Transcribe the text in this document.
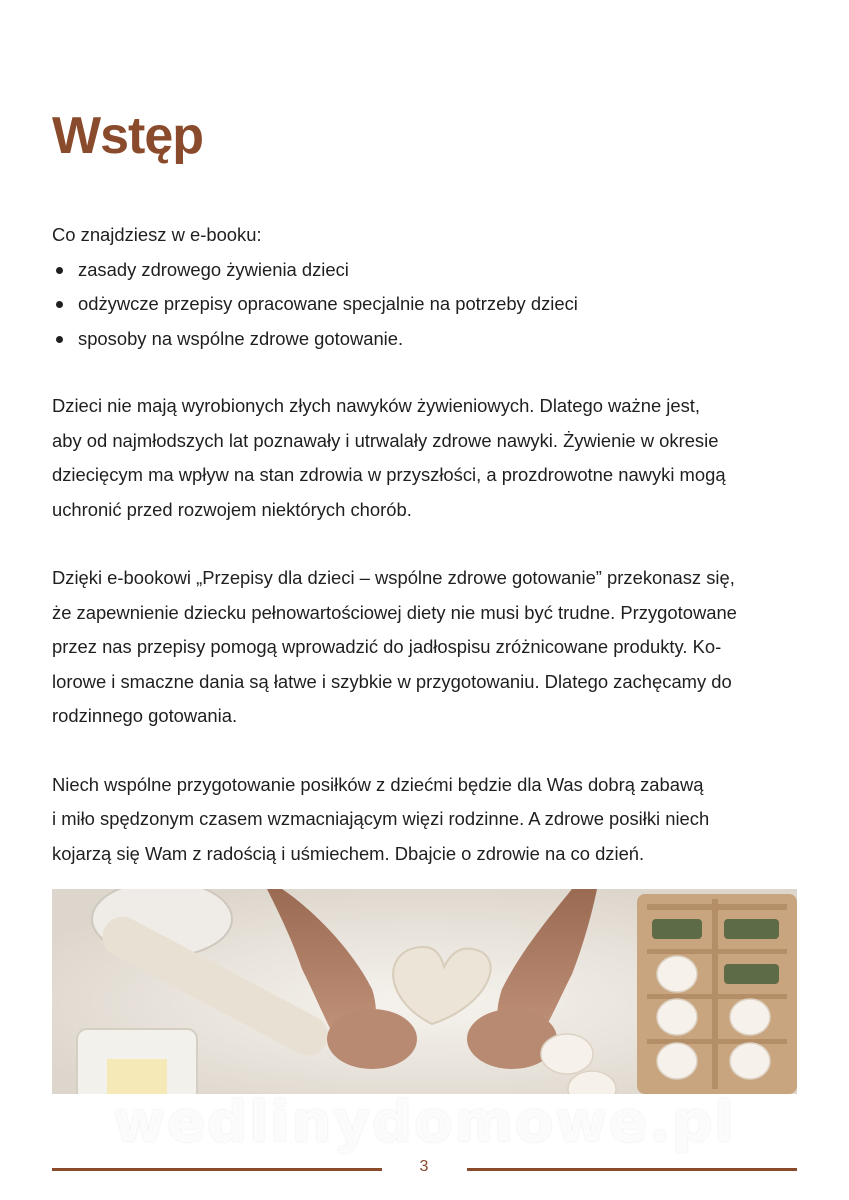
Wstęp

Co znajdziesz w e-booku:

zasady zdrowego żywienia dzieci
odżywcze przepisy opracowane specjalnie na potrzeby dzieci
sposoby na wspólne zdrowe gotowanie.

Dzieci nie mają wyrobionych złych nawyków żywieniowych. Dlatego ważne jest,
aby od najmłodszych lat poznawały i utrwalały zdrowe nawyki. Żywienie w okresie
dziecięcym ma wpływ na stan zdrowia w przyszłości, a prozdrowotne nawyki mogą
uchronić przed rozwojem niektórych chorób.

Dzięki e-bookowi „Przepisy dla dzieci – wspólne zdrowe gotowanie” przekonasz się,
że zapewnienie dziecku pełnowartościowej diety nie musi być trudne. Przygotowane
przez nas przepisy pomogą wprowadzić do jadłospisu zróżnicowane produkty. Ko-
lorowe i smaczne dania są łatwe i szybkie w przygotowaniu. Dlatego zachęcamy do
rodzinnego gotowania.

Niech wspólne przygotowanie posiłków z dziećmi będzie dla Was dobrą zabawą
i miło spędzonym czasem wzmacniającym więzi rodzinne. A zdrowe posiłki niech
kojarzą się Wam z radością i uśmiechem. Dbajcie o zdrowie na co dzień.

wedlinydomowe.pl
3
